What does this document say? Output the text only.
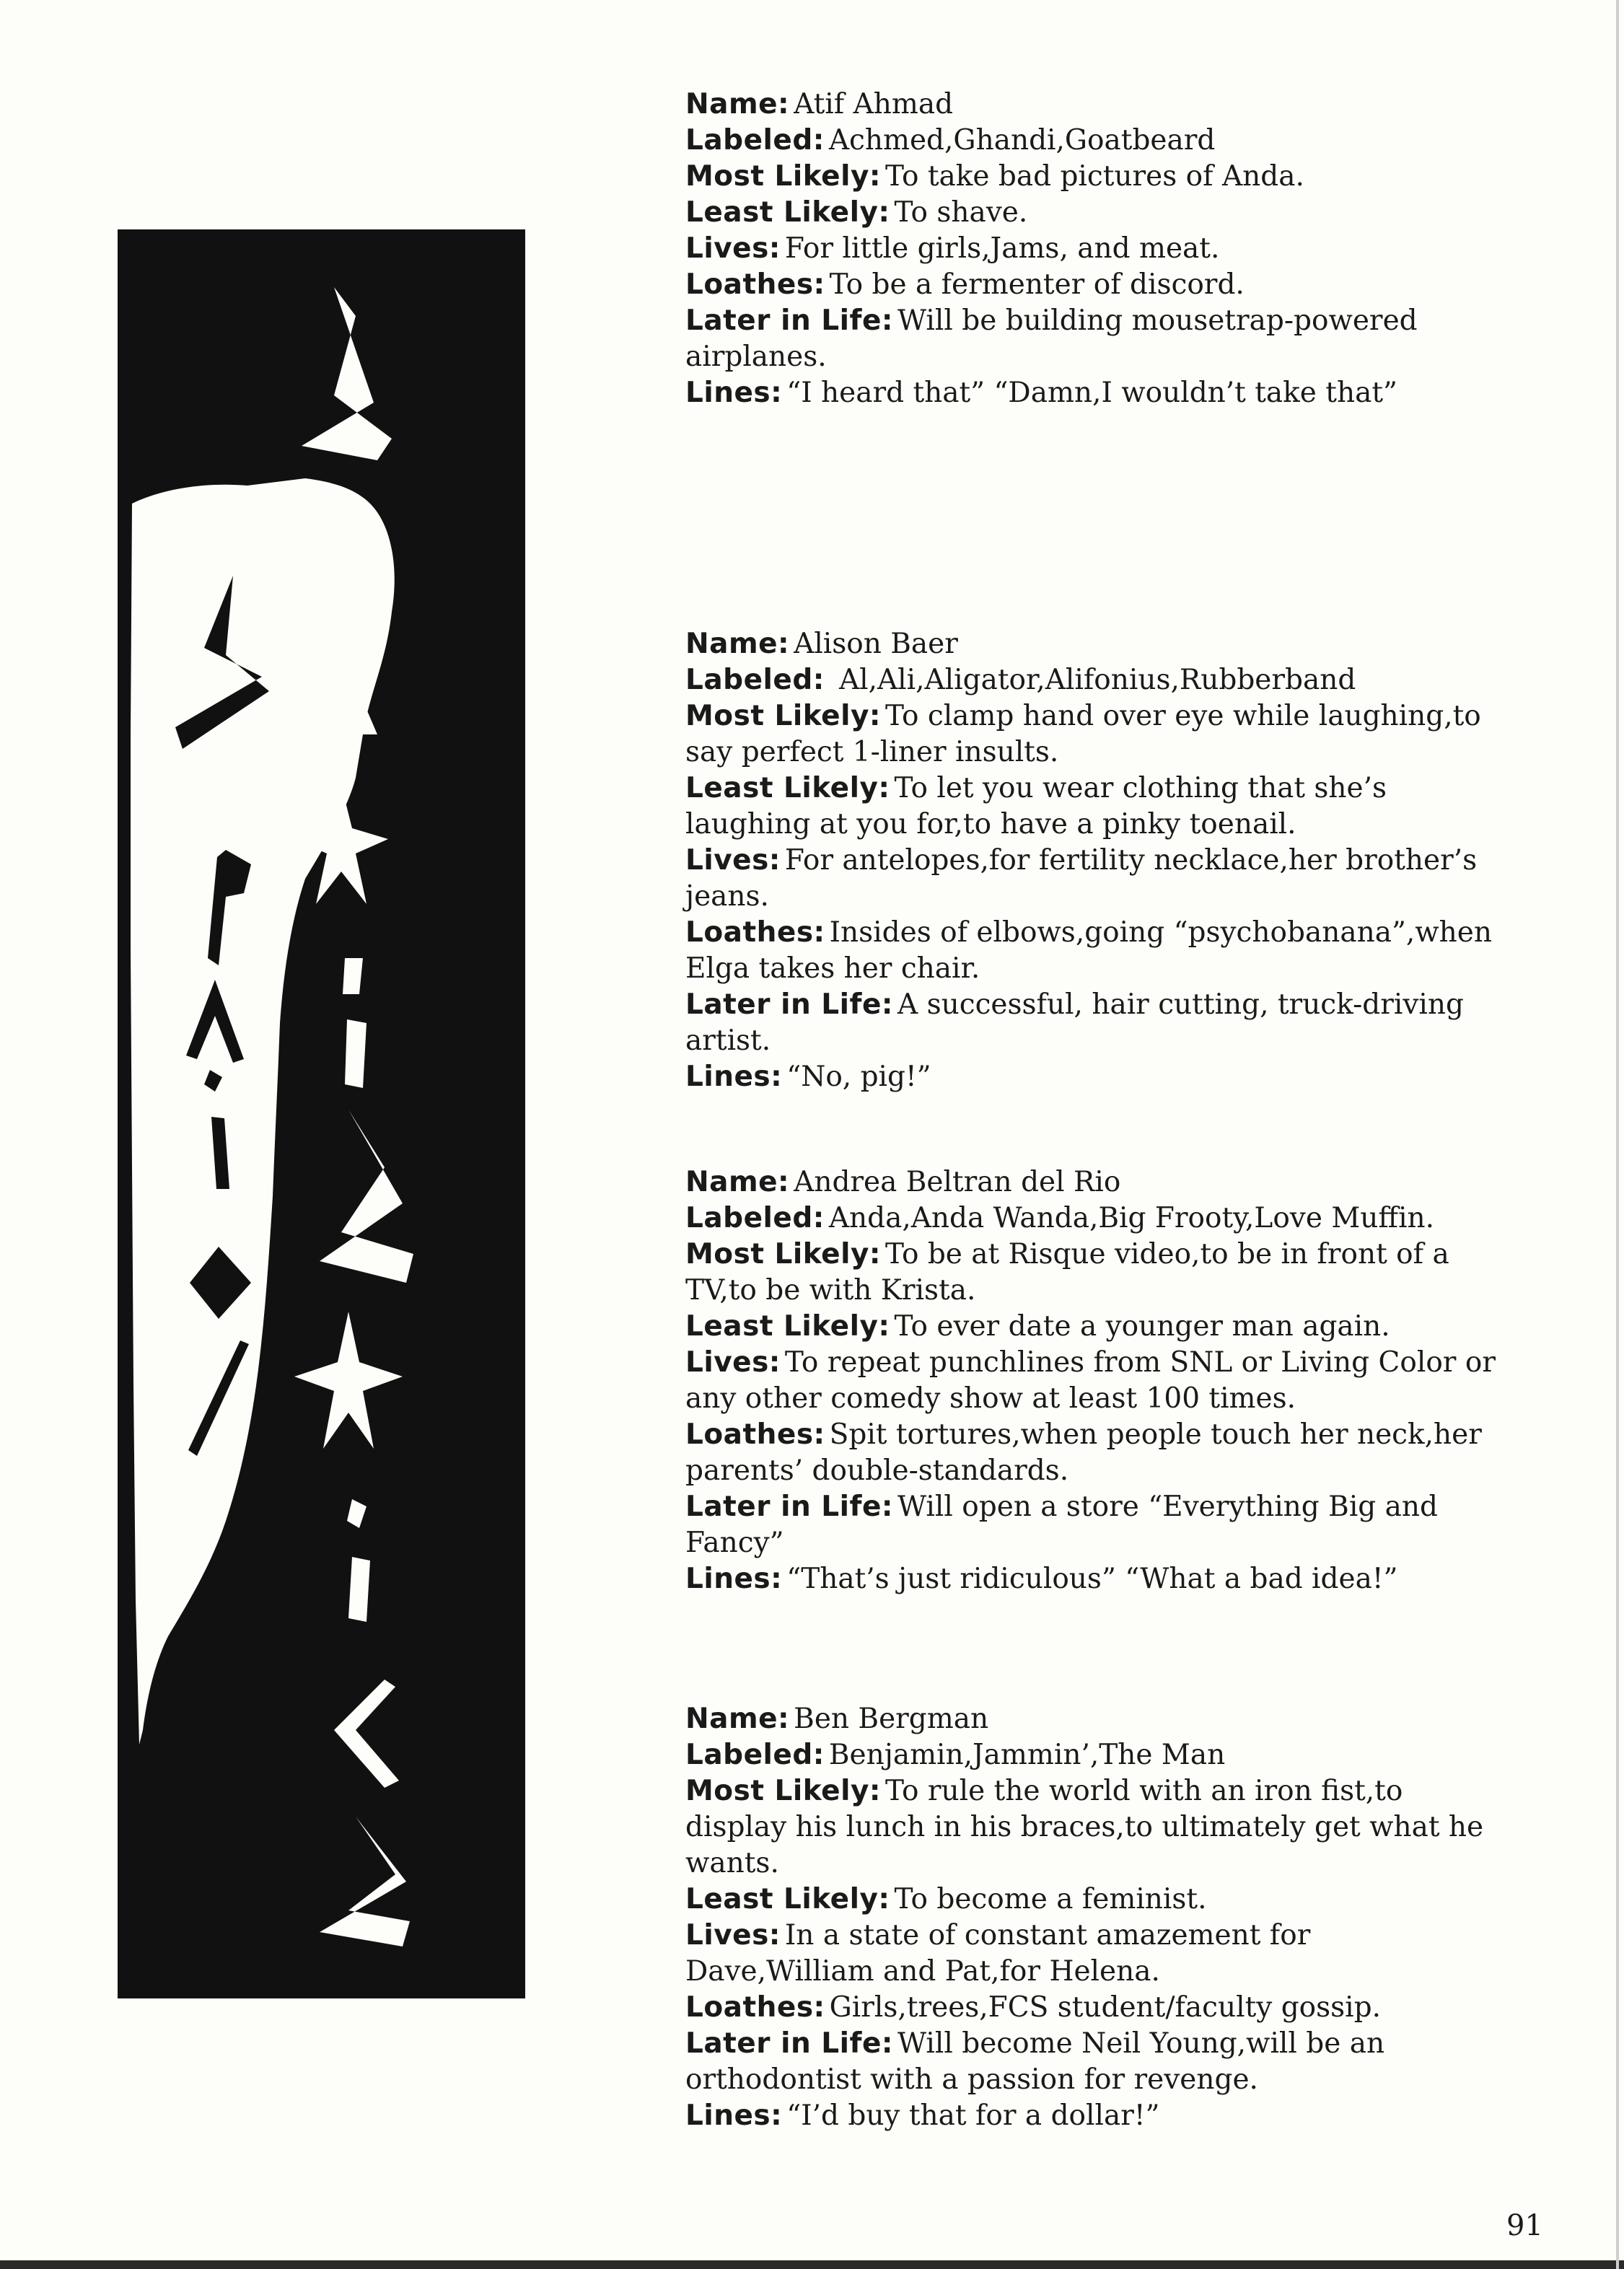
Name: Atif Ahmad

Labeled: Achmed,Ghandi,Goatbeard

Most Likely: To take bad pictures of Anda.

Least Likely: To shave.

Lives: For little girls,Jams, and meat.

Loathes: To be a fermenter of discord.

Later in Life: Will be building mousetrap-powered airplanes.

Lines: “I heard that” “Damn,I wouldn’t take that”

Name: Alison Baer

Labeled: Al,Ali,Aligator,Alifonius,Rubberband

Most Likely: To clamp hand over eye while laughing,to say perfect 1-liner insults.

Least Likely: To let you wear clothing that she’s laughing at you for,to have a pinky toenail.

Lives: For antelopes,for fertility necklace,her brother’s jeans.

Loathes: Insides of elbows,going “psychobanana”,when Elga takes her chair.

Later in Life: A successful, hair cutting, truck-driving artist.

Lines: “No, pig!”

Name: Andrea Beltran del Rio

Labeled: Anda,Anda Wanda,Big Frooty,Love Muffin.

Most Likely: To be at Risque video,to be in front of a TV,to be with Krista.

Least Likely: To ever date a younger man again.

Lives: To repeat punchlines from SNL or Living Color or any other comedy show at least 100 times.

Loathes: Spit tortures,when people touch her neck,her parents’ double-standards.

Later in Life: Will open a store “Everything Big and Fancy”

Lines: “That’s just ridiculous” “What a bad idea!”

Name: Ben Bergman

Labeled: Benjamin,Jammin’,The Man

Most Likely: To rule the world with an iron fist,to display his lunch in his braces,to ultimately get what he wants.

Least Likely: To become a feminist.

Lives: In a state of constant amazement for Dave,William and Pat,for Helena.

Loathes: Girls,trees,FCS student/faculty gossip.

Later in Life: Will become Neil Young,will be an orthodontist with a passion for revenge.

Lines: “I’d buy that for a dollar!”

91
